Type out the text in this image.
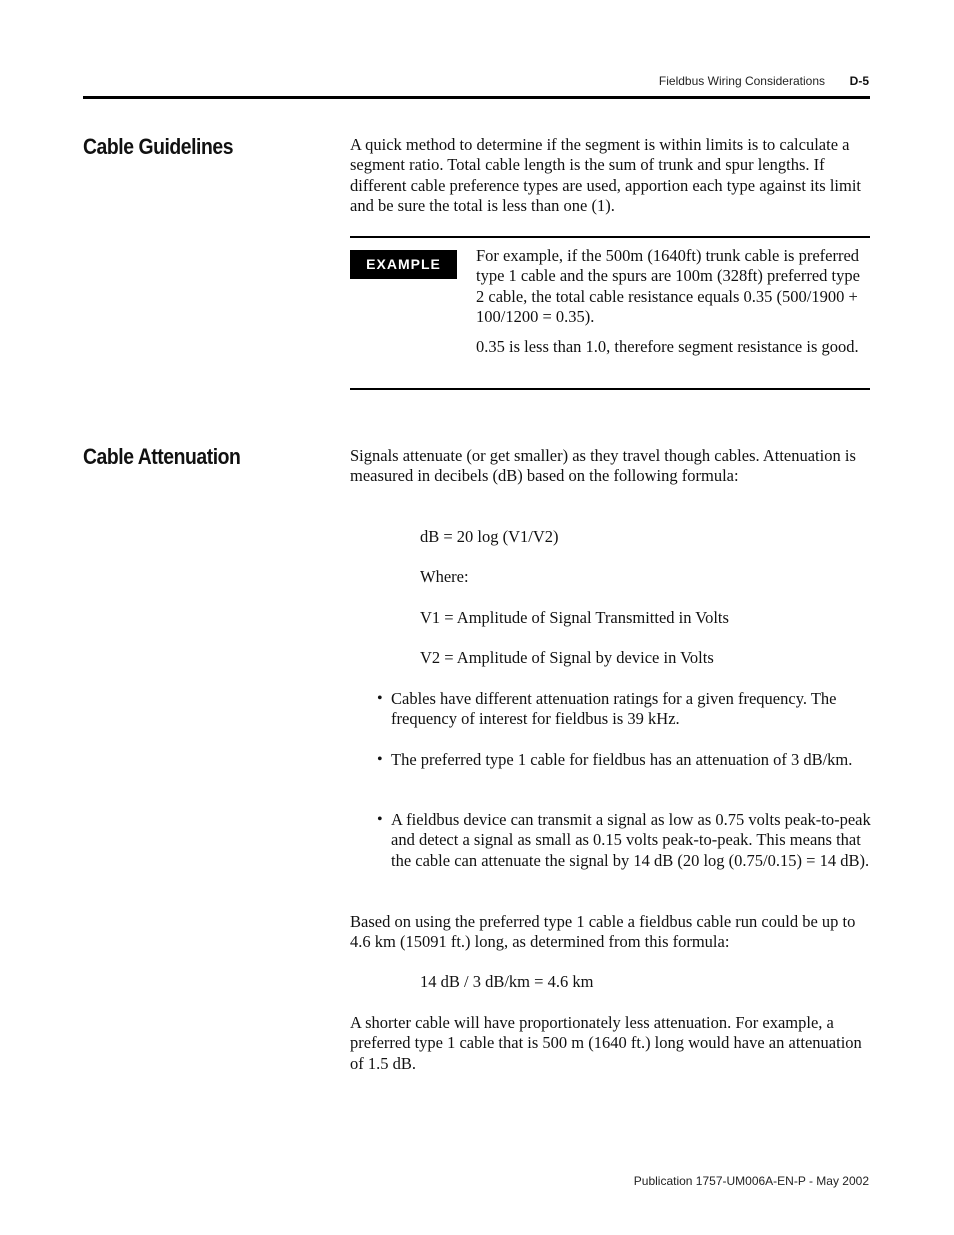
Fieldbus Wiring Considerations D-5
Cable Guidelines	A quick method to determine if the segment is within limits is to calculate a segment ratio. Total cable length is the sum of trunk and spur lengths. If different cable preference types are used, apportion each type against its limit and be sure the total is less than one (1).
EXAMPLE	For example, if the 500m (1640ft) trunk cable is preferred type 1 cable and the spurs are 100m (328ft) preferred type 2 cable, the total cable resistance equals 0.35 (500/1900 + 100/1200 = 0.35).
0.35 is less than 1.0, therefore segment resistance is good.
Cable Attenuation	Signals attenuate (or get smaller) as they travel though cables. Attenuation is measured in decibels (dB) based on the following formula:
dB = 20 log (V1/V2)
Where:
V1 = Amplitude of Signal Transmitted in Volts
V2 = Amplitude of Signal by device in Volts
• Cables have different attenuation ratings for a given frequency. The frequency of interest for fieldbus is 39 kHz.
• The preferred type 1 cable for fieldbus has an attenuation of 3 dB/km.
• A fieldbus device can transmit a signal as low as 0.75 volts peak-to-peak and detect a signal as small as 0.15 volts peak-to-peak. This means that the cable can attenuate the signal by 14 dB (20 log (0.75/0.15) = 14 dB).
Based on using the preferred type 1 cable a fieldbus cable run could be up to 4.6 km (15091 ft.) long, as determined from this formula:
14 dB / 3 dB/km = 4.6 km
A shorter cable will have proportionately less attenuation. For example, a preferred type 1 cable that is 500 m (1640 ft.) long would have an attenuation of 1.5 dB.
Publication 1757-UM006A-EN-P - May 2002
